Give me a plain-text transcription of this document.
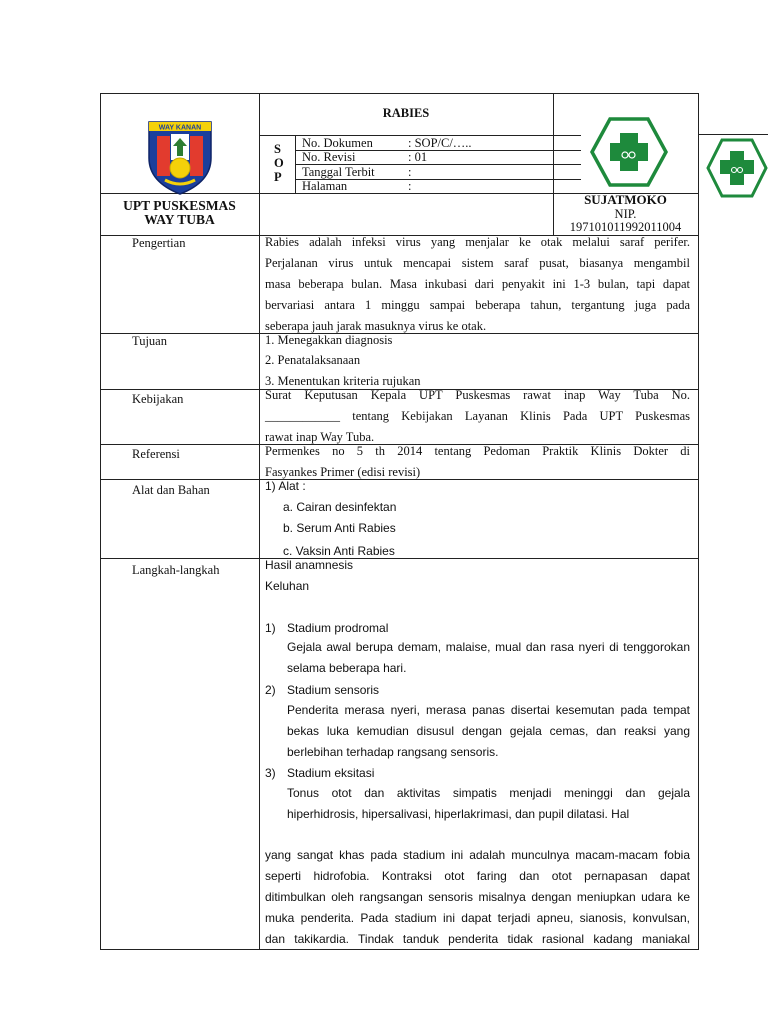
WAY KANAN
UPT PUSKESMAS
WAY TUBA
RABIES
S
O
P
No. Dokumen	: SOP/C/…..
No. Revisi	: 01
Tanggal Terbit	:
Halaman	:
SUJATMOKO
NIP.
197101011992011004
Pengertian	Rabies adalah infeksi virus yang menjalar ke otak melalui saraf perifer.

Perjalanan virus untuk mencapai sistem saraf pusat, biasanya mengambil

masa beberapa bulan. Masa inkubasi dari penyakit ini 1-3 bulan, tapi dapat

bervariasi antara 1 minggu sampai beberapa tahun, tergantung juga pada

seberapa jauh jarak masuknya virus ke otak.

Tujuan	1. Menegakkan diagnosis
2. Penatalaksanaan
3. Menentukan kriteria rujukan
Kebijakan	Surat Keputusan Kepala UPT Puskesmas rawat inap Way Tuba No.

____________ tentang Kebijakan Layanan Klinis Pada UPT Puskesmas

rawat inap Way Tuba.

Referensi	Permenkes no 5 th 2014 tentang Pedoman Praktik Klinis Dokter di

Fasyankes Primer (edisi revisi)

Alat dan Bahan	1) Alat :
a. Cairan desinfektan
b. Serum Anti Rabies
c. Vaksin Anti Rabies
Langkah-langkah	Hasil anamnesis
Keluhan
1) Stadium prodromal

Gejala awal berupa demam, malaise, mual dan rasa nyeri di tenggorokan

selama beberapa hari.

2) Stadium sensoris

Penderita merasa nyeri, merasa panas disertai kesemutan pada tempat

bekas luka kemudian disusul dengan gejala cemas, dan reaksi yang

berlebihan terhadap rangsang sensoris.

3) Stadium eksitasi

Tonus otot dan aktivitas simpatis menjadi meninggi dan gejala

hiperhidrosis, hipersalivasi, hiperlakrimasi, dan pupil dilatasi. Hal

yang sangat khas pada stadium ini adalah munculnya macam-macam fobia

seperti hidrofobia. Kontraksi otot faring dan otot pernapasan dapat

ditimbulkan oleh rangsangan sensoris misalnya dengan meniupkan udara ke

muka penderita. Pada stadium ini dapat terjadi apneu, sianosis, konvulsan,

dan takikardia. Tindak tanduk penderita tidak rasional kadang maniakal
